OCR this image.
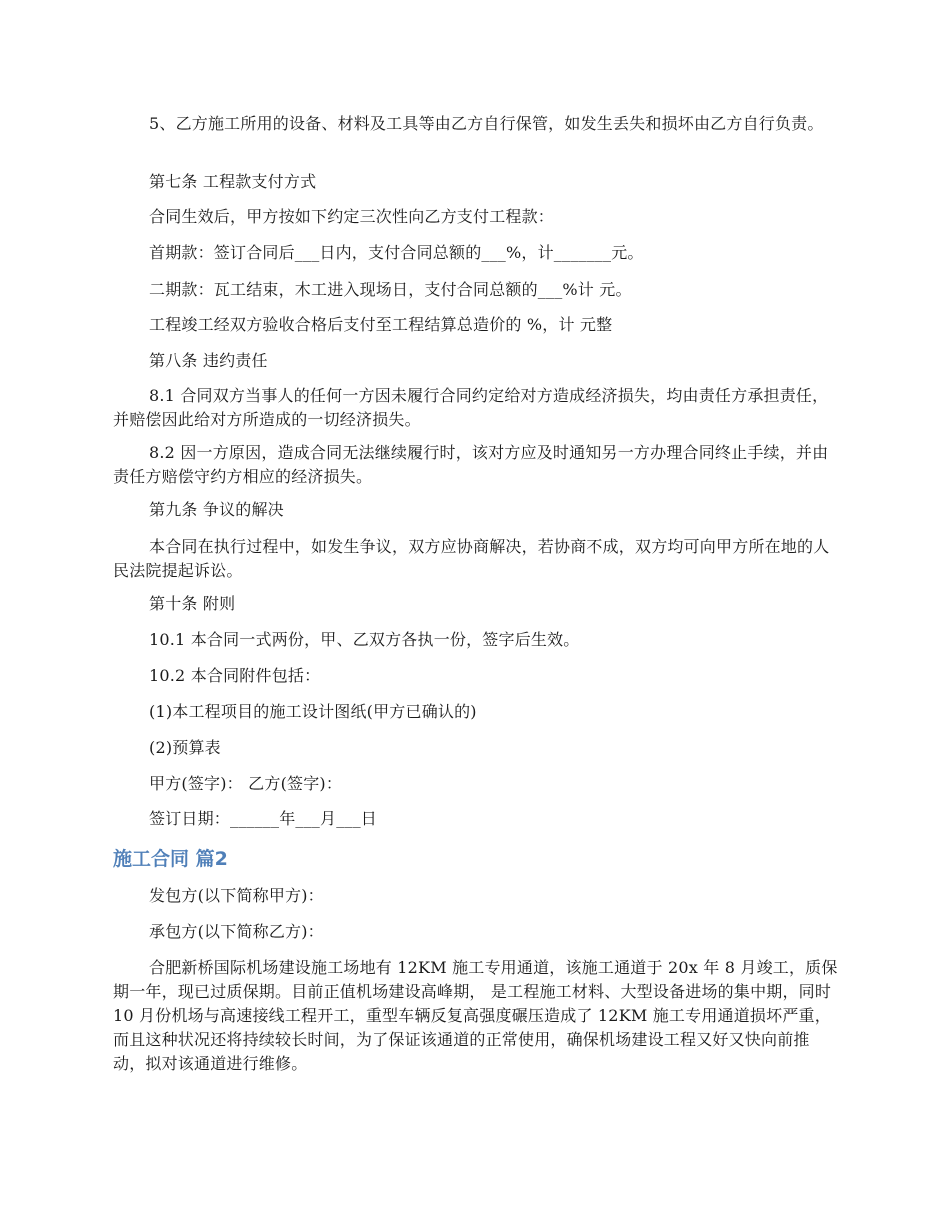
5、乙方施工所用的设备、材料及工具等由乙方自行保管，如发生丢失和损坏由乙方自行负责。

第七条 工程款支付方式

合同生效后，甲方按如下约定三次性向乙方支付工程款：

首期款：签订合同后___日内，支付合同总额的___%，计_______元。

二期款：瓦工结束，木工进入现场日，支付合同总额的___%计 元。

工程竣工经双方验收合格后支付至工程结算总造价的 %，计 元整

第八条 违约责任

8.1 合同双方当事人的任何一方因未履行合同约定给对方造成经济损失，均由责任方承担责任，并赔偿因此给对方所造成的一切经济损失。

8.2 因一方原因，造成合同无法继续履行时，该对方应及时通知另一方办理合同终止手续，并由责任方赔偿守约方相应的经济损失。

第九条 争议的解决

本合同在执行过程中，如发生争议，双方应协商解决，若协商不成，双方均可向甲方所在地的人民法院提起诉讼。

第十条 附则

10.1 本合同一式两份，甲、乙双方各执一份，签字后生效。

10.2 本合同附件包括：

(1)本工程项目的施工设计图纸(甲方已确认的)

(2)预算表

甲方(签字)： 乙方(签字)：

签订日期：______年___月___日

施工合同 篇2

发包方(以下简称甲方)：

承包方(以下简称乙方)：

合肥新桥国际机场建设施工场地有 12KM 施工专用通道，该施工通道于 20x 年 8 月竣工，质保期一年，现已过质保期。目前正值机场建设高峰期， 是工程施工材料、大型设备进场的集中期，同时 10 月份机场与高速接线工程开工，重型车辆反复高强度碾压造成了 12KM 施工专用通道损坏严重，而且这种状况还将持续较长时间，为了保证该通道的正常使用，确保机场建设工程又好又快向前推动，拟对该通道进行维修。
